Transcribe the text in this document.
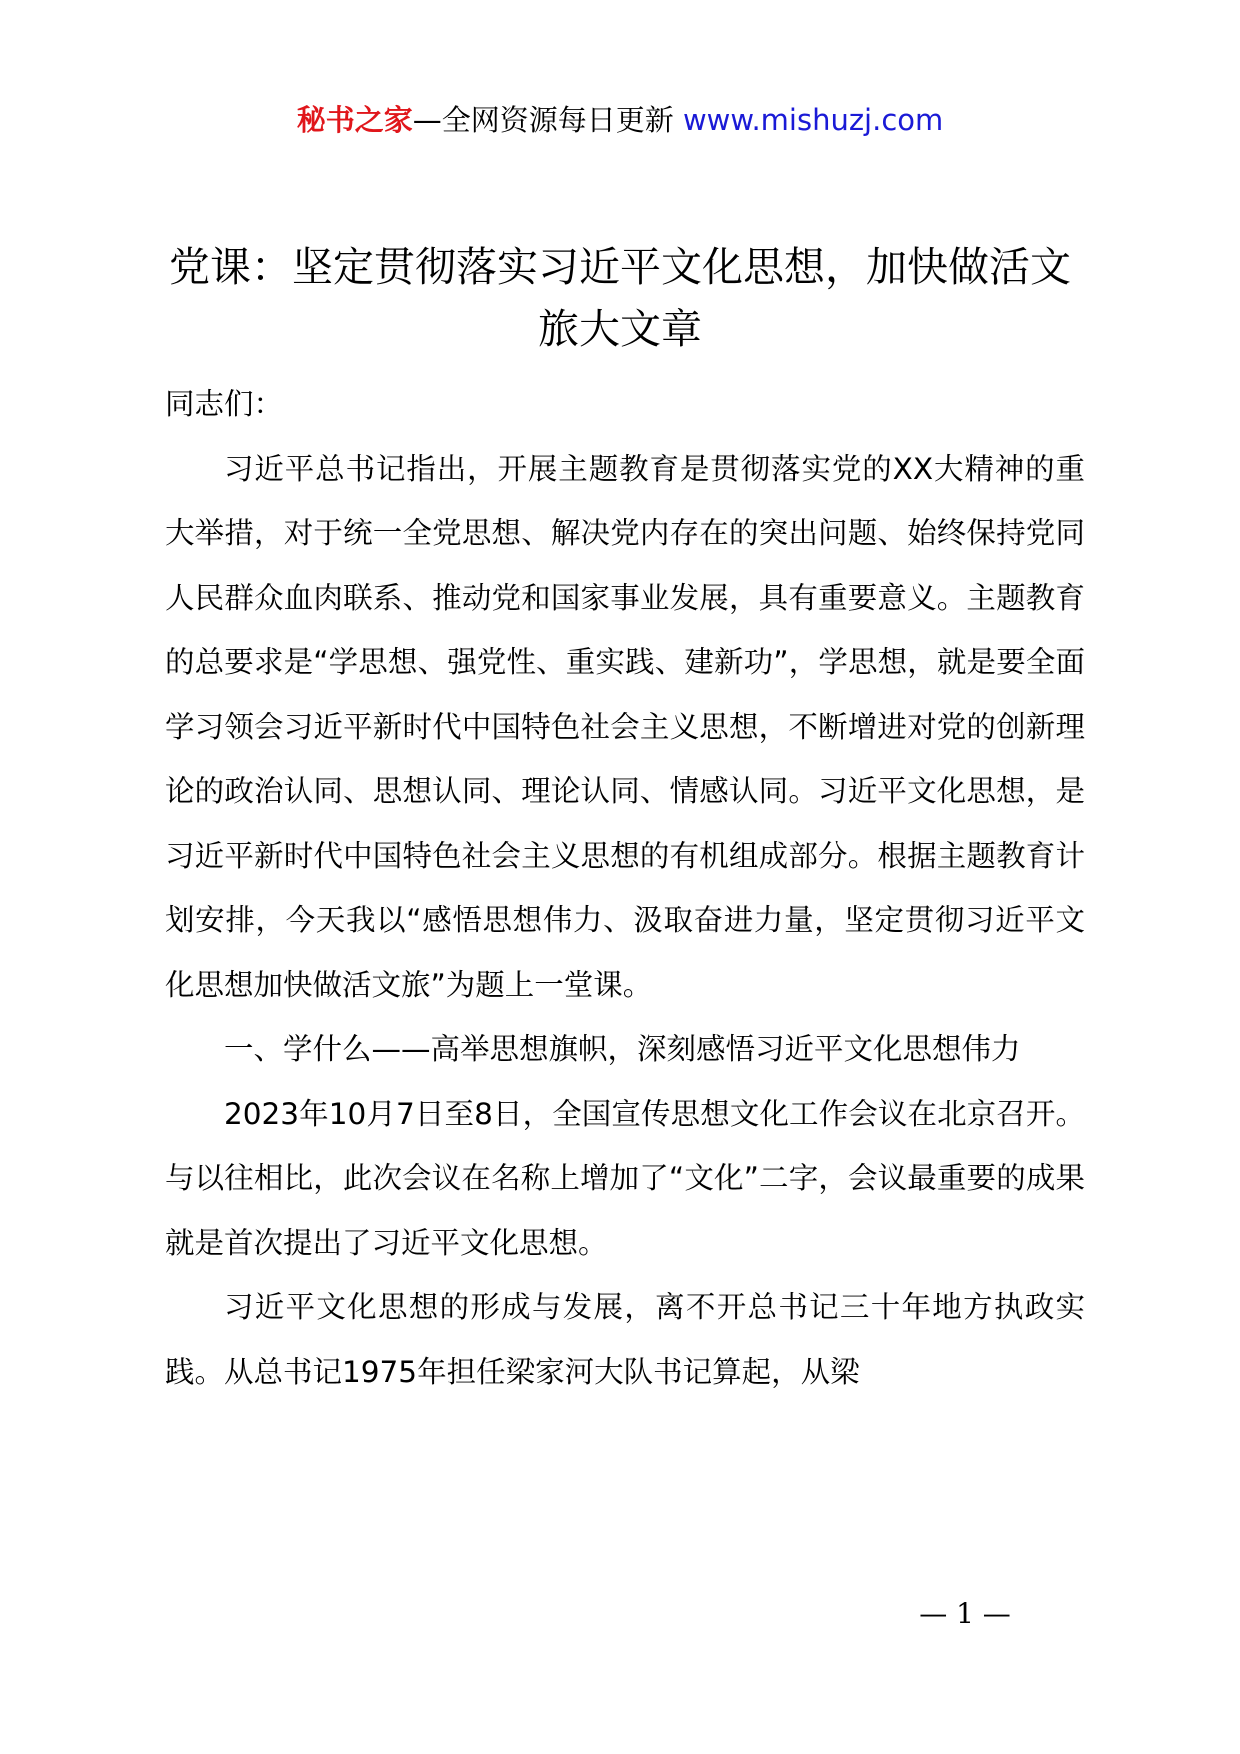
秘书之家—全网资源每日更新 www.mishuzj.com
党课：坚定贯彻落实习近平文化思想，加快做活文旅大文章

同志们：

习近平总书记指出，开展主题教育是贯彻落实党的XX大精神的重大举措，对于统一全党思想、解决党内存在的突出问题、始终保持党同人民群众血肉联系、推动党和国家事业发展，具有重要意义。主题教育的总要求是“学思想、强党性、重实践、建新功”，学思想，就是要全面学习领会习近平新时代中国特色社会主义思想，不断增进对党的创新理论的政治认同、思想认同、理论认同、情感认同。习近平文化思想，是习近平新时代中国特色社会主义思想的有机组成部分。根据主题教育计划安排，今天我以“感悟思想伟力、汲取奋进力量，坚定贯彻习近平文化思想加快做活文旅”为题上一堂课。

一、学什么——高举思想旗帜，深刻感悟习近平文化思想伟力

2023年10月7日至8日，全国宣传思想文化工作会议在北京召开。与以往相比，此次会议在名称上增加了“文化”二字，会议最重要的成果就是首次提出了习近平文化思想。

习近平文化思想的形成与发展，离不开总书记三十年地方执政实践。从总书记1975年担任梁家河大队书记算起，从梁

— 1 —
